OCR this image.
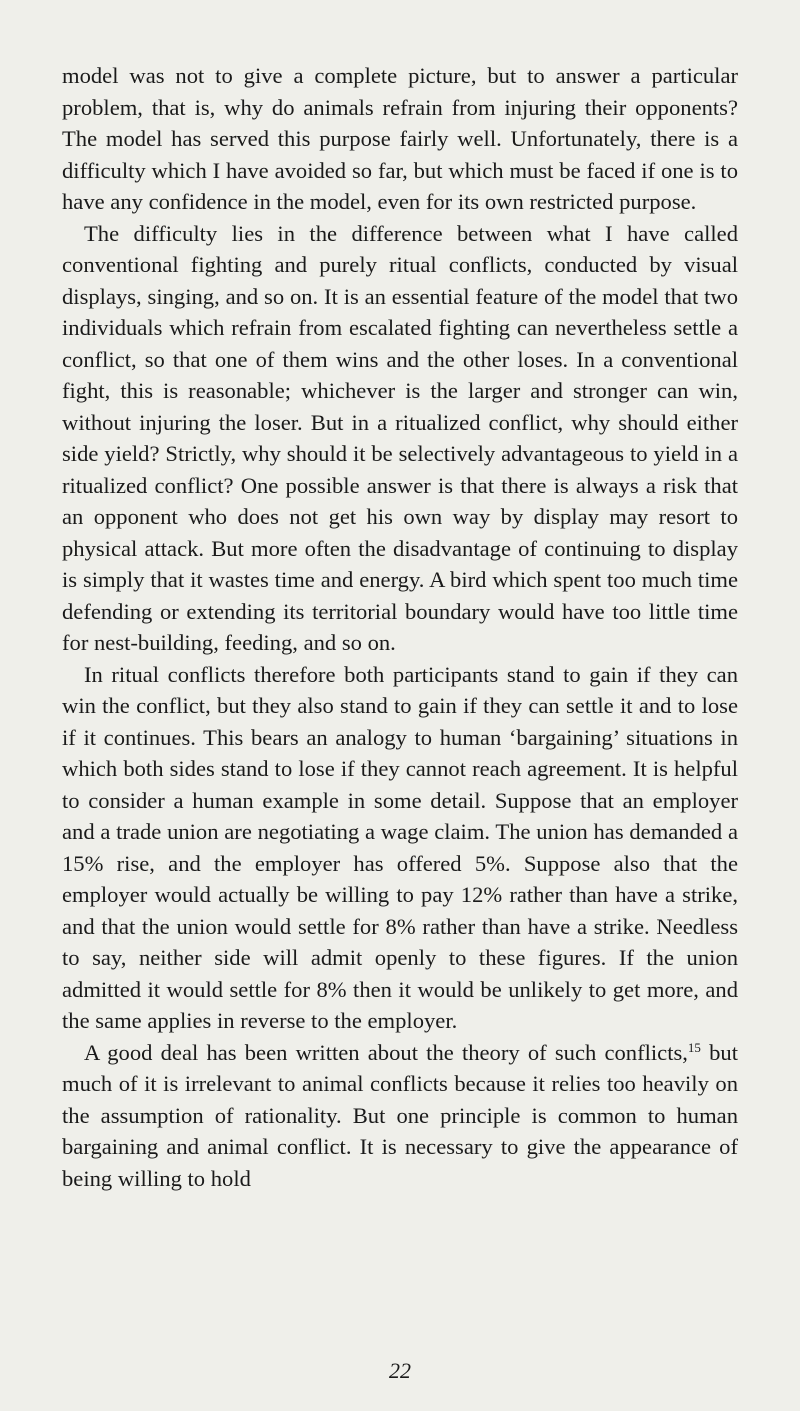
model was not to give a complete picture, but to answer a particular problem, that is, why do animals refrain from injuring their opponents? The model has served this purpose fairly well. Unfortunately, there is a difficulty which I have avoided so far, but which must be faced if one is to have any confidence in the model, even for its own restricted purpose.

The difficulty lies in the difference between what I have called conventional fighting and purely ritual conflicts, conducted by visual displays, singing, and so on. It is an essential feature of the model that two individuals which refrain from escalated fighting can nevertheless settle a conflict, so that one of them wins and the other loses. In a conventional fight, this is reasonable; whichever is the larger and stronger can win, without injuring the loser. But in a ritualized conflict, why should either side yield? Strictly, why should it be selectively advantageous to yield in a ritualized conflict? One possible answer is that there is always a risk that an opponent who does not get his own way by display may resort to physical attack. But more often the disadvantage of continuing to display is simply that it wastes time and energy. A bird which spent too much time defending or extending its territorial boundary would have too little time for nest-building, feeding, and so on.

In ritual conflicts therefore both participants stand to gain if they can win the conflict, but they also stand to gain if they can settle it and to lose if it continues. This bears an analogy to human ‘bargaining’ situations in which both sides stand to lose if they cannot reach agreement. It is helpful to consider a human example in some detail. Suppose that an employer and a trade union are negotiating a wage claim. The union has demanded a 15% rise, and the employer has offered 5%. Suppose also that the employer would actually be willing to pay 12% rather than have a strike, and that the union would settle for 8% rather than have a strike. Needless to say, neither side will admit openly to these figures. If the union admitted it would settle for 8% then it would be unlikely to get more, and the same applies in reverse to the employer.

A good deal has been written about the theory of such conflicts,$^{15}$ but much of it is irrelevant to animal conflicts because it relies too heavily on the assumption of rationality. But one principle is common to human bargaining and animal conflict. It is necessary to give the appearance of being willing to hold

22
